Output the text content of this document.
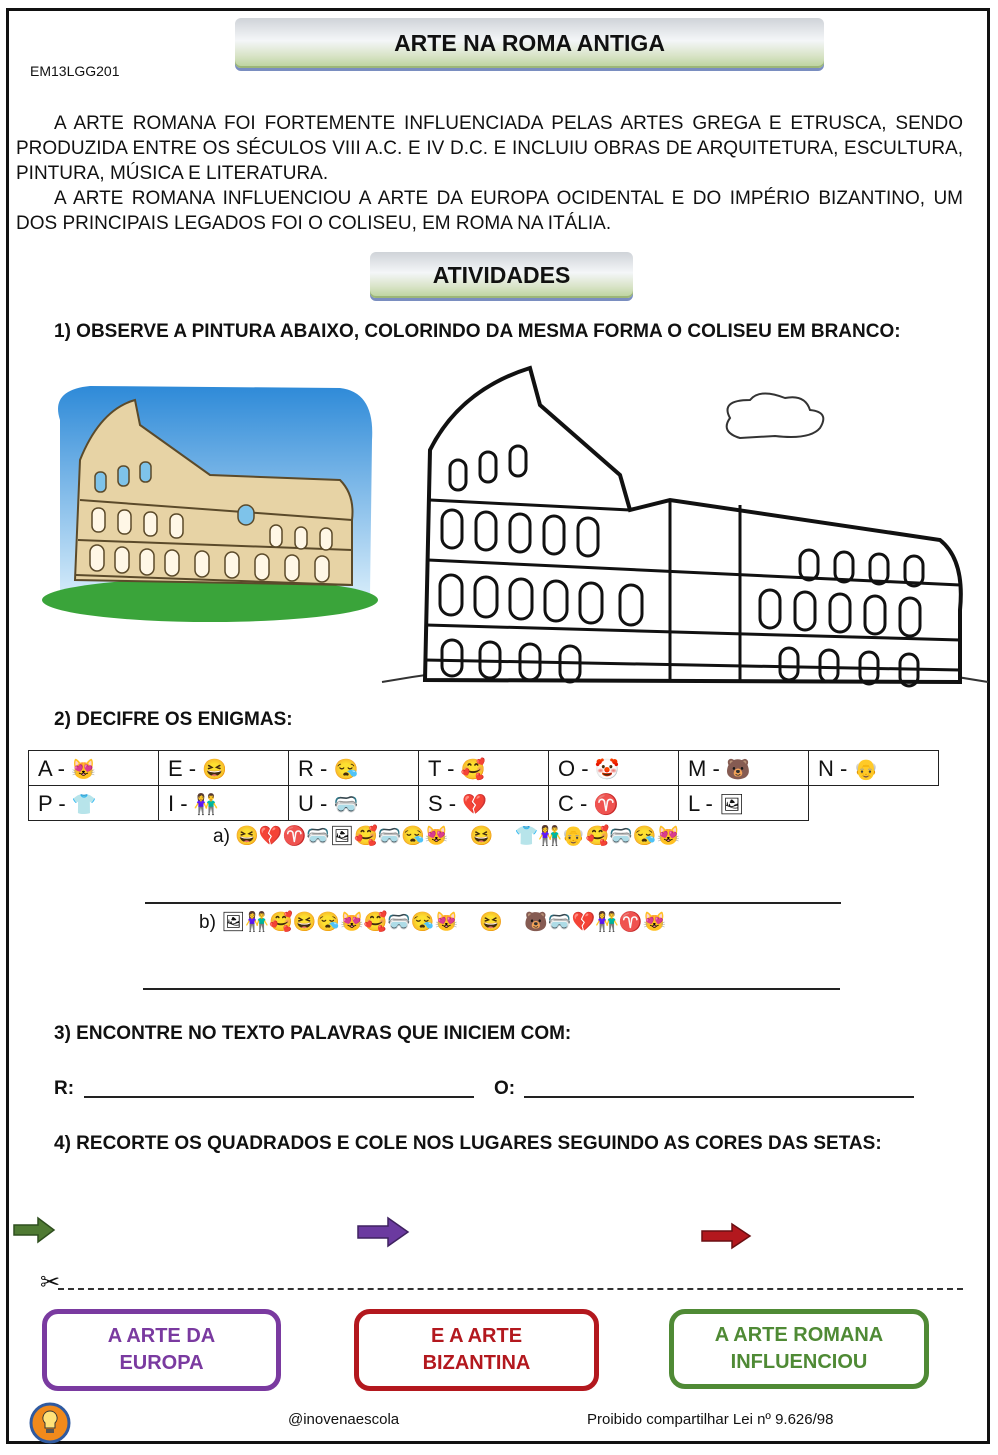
ARTE NA ROMA ANTIGA
EM13LGG201

A ARTE ROMANA FOI FORTEMENTE INFLUENCIADA PELAS ARTES GREGA E ETRUSCA, SENDO PRODUZIDA ENTRE OS SÉCULOS VIII A.C. E IV D.C. E INCLUIU OBRAS DE ARQUITETURA, ESCULTURA, PINTURA, MÚSICA E LITERATURA.

A ARTE ROMANA INFLUENCIOU A ARTE DA EUROPA OCIDENTAL E DO IMPÉRIO BIZANTINO, UM DOS PRINCIPAIS LEGADOS FOI O COLISEU, EM ROMA NA ITÁLIA.

ATIVIDADES
1) OBSERVE A PINTURA ABAIXO, COLORINDO DA MESMA FORMA O COLISEU EM BRANCO:
2) DECIFRE OS ENIGMAS:
A - 😻	E - 😆	R - 😪	T - 🥰	O - 🤡	M - 🐻	N - 👴
P - 👕	I - 👫	U - 🥽	S - 💔	C - ♈	L - 🖼
a) 😆💔♈🥽🖼🥰🥽😪😻 😆 👕👫👴🥰🥽😪😻
b) 🖼👫🥰😆😪😻🥰🥽😪😻 😆 🐻🥽💔👫♈😻
3) ENCONTRE NO TEXTO PALAVRAS QUE INICIEM COM:
R:	O:
4) RECORTE OS QUADRADOS E COLE NOS LUGARES SEGUINDO AS CORES DAS SETAS:
✂
A ARTE DA EUROPA
E A ARTE BIZANTINA
A ARTE ROMANA INFLUENCIOU
@inovenaescola	Proibido compartilhar Lei nº 9.626/98
